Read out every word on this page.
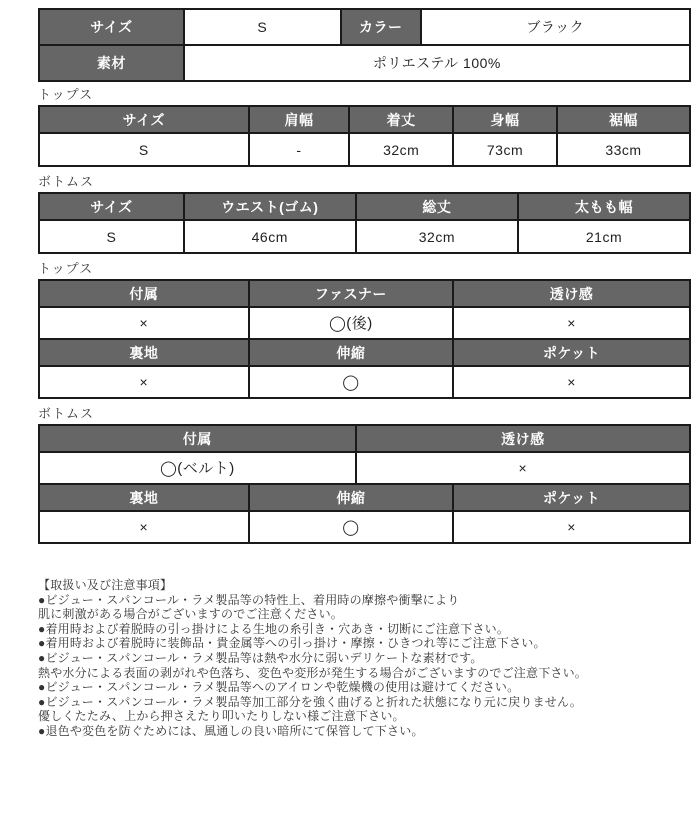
サイズ	S	カラー	ブラック
素材	ポリエステル 100%
トップス
サイズ	肩幅	着丈	身幅	裾幅
S	-	32cm	73cm	33cm
ボトムス
サイズ	ウエスト(ゴム)	総丈	太もも幅
S	46cm	32cm	21cm
トップス
付属	ファスナー	透け感
×	◯(後)	×
裏地	伸縮	ポケット
×	◯	×
ボトムス
付属	透け感
◯(ベルト)	×
裏地	伸縮	ポケット
×	◯	×
【取扱い及び注意事項】
●ビジュー・スパンコール・ラメ製品等の特性上、着用時の摩擦や衝撃により
肌に刺激がある場合がございますのでご注意ください。
●着用時および着脱時の引っ掛けによる生地の糸引き・穴あき・切断にご注意下さい。
●着用時および着脱時に装飾品・貴金属等への引っ掛け・摩擦・ひきつれ等にご注意下さい。
●ビジュー・スパンコール・ラメ製品等は熱や水分に弱いデリケートな素材です。
熱や水分による表面の剥がれや色落ち、変色や変形が発生する場合がございますのでご注意下さい。
●ビジュー・スパンコール・ラメ製品等へのアイロンや乾燥機の使用は避けてください。
●ビジュー・スパンコール・ラメ製品等加工部分を強く曲げると折れた状態になり元に戻りません。
優しくたたみ、上から押さえたり叩いたりしない様ご注意下さい。
●退色や変色を防ぐためには、風通しの良い暗所にて保管して下さい。
